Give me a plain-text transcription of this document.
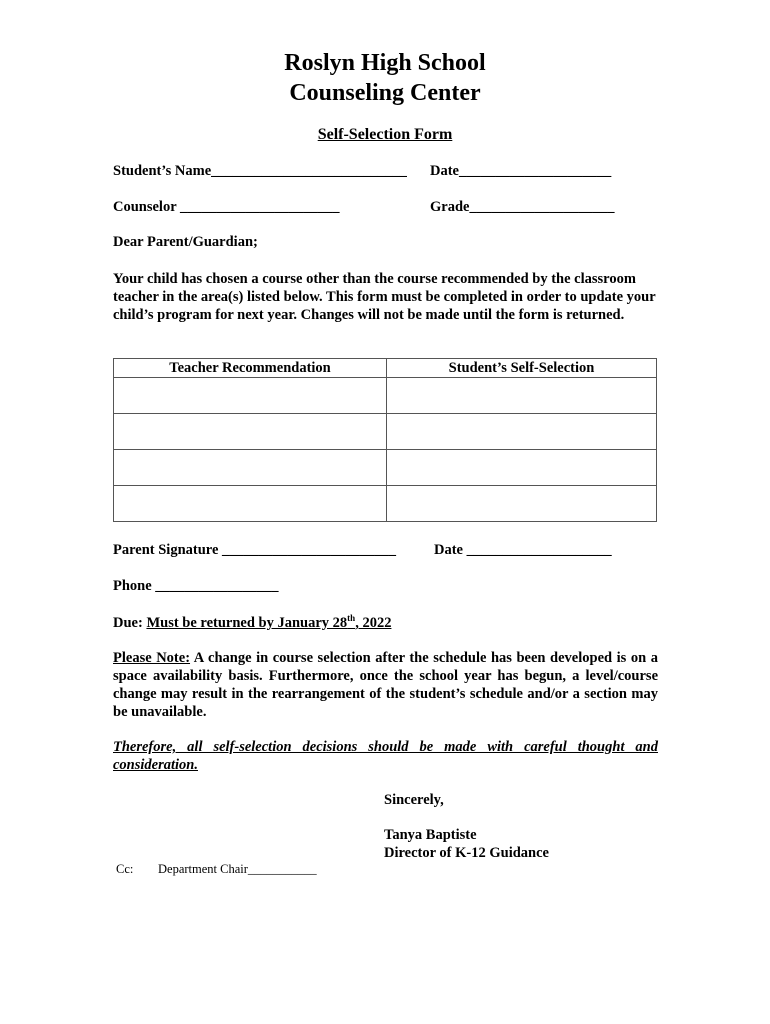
Roslyn High School
Counseling Center
Self-Selection Form
Student’s Name___________________________ Date_____________________
Counselor ______________________	Grade____________________
Dear Parent/Guardian;
Your child has chosen a course other than the course recommended by the classroom teacher in the area(s) listed below. This form must be completed in order to update your child’s program for next year. Changes will not be made until the form is returned.
Teacher Recommendation	Student’s Self-Selection

Parent Signature ________________________	Date ____________________
Phone _________________
Due: Must be returned by January 28th, 2022
Please Note: A change in course selection after the schedule has been developed is on a space availability basis. Furthermore, once the school year has begun, a level/course change may result in the rearrangement of the student’s schedule and/or a section may be unavailable.
Therefore, all self-selection decisions should be made with careful thought and consideration.
Sincerely,
Tanya Baptiste
Director of K-12 Guidance
Cc: Department Chair___________
